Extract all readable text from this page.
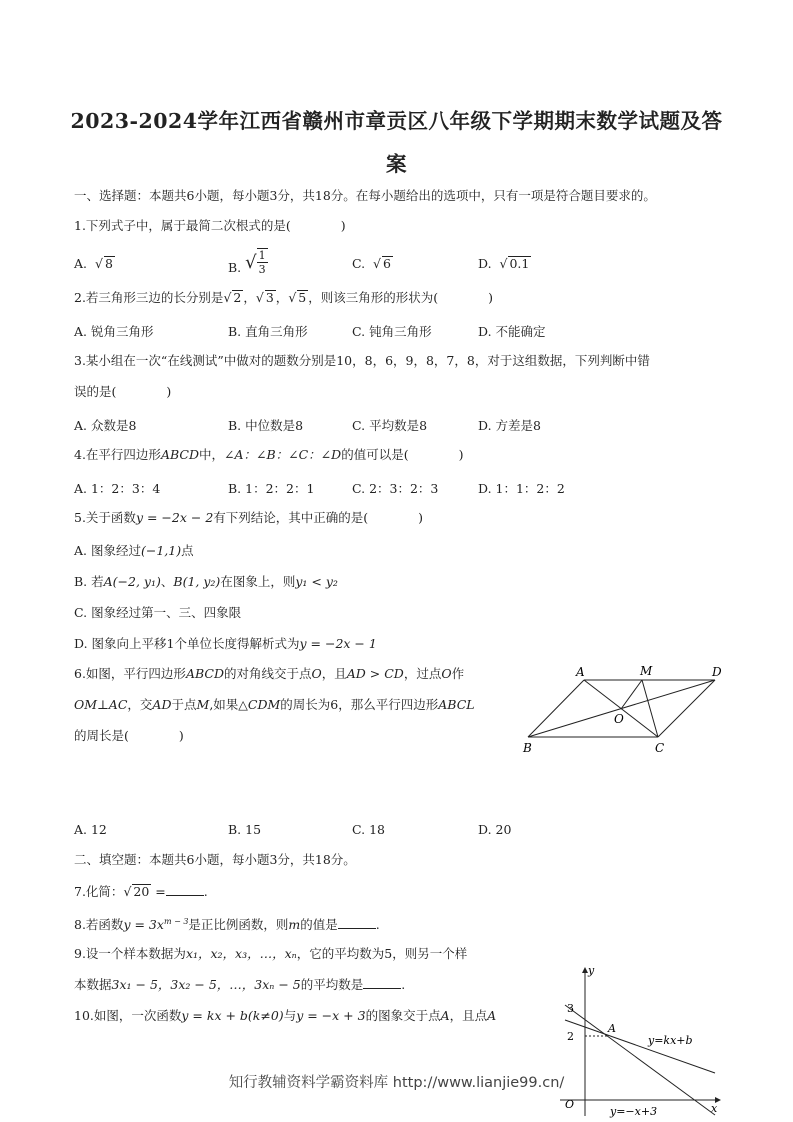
2023-2024学年江西省赣州市章贡区八年级下学期期末数学试题及答
案
一、选择题：本题共6小题，每小题3分，共18分。在每小题给出的选项中，只有一项是符合题目要求的。
1.下列式子中，属于最简二次根式的是(　　　　)
A.  √ 8	B. √ $\frac{1}{3}$	C.  √ 6	D.  √ 0.1
2.若三角形三边的长分别是√ 2 ，√ 3 ，√ 5 ，则该三角形的形状为(　　　　)
A. 锐角三角形	B. 直角三角形	C. 钝角三角形	D. 不能确定
3.某小组在一次“在线测试”中做对的题数分别是10，8，6，9，8，7，8，对于这组数据，下列判断中错
误的是(　　　　)
A. 众数是8	B. 中位数是8	C. 平均数是8	D. 方差是8
4.在平行四边形ABCD中，∠A：∠B：∠C：∠D的值可以是(　　　　)
A. 1：2：3：4	B. 1：2：2：1	C. 2：3：2：3	D. 1：1：2：2
5.关于函数y = −2x − 2有下列结论，其中正确的是(　　　　)
A. 图象经过(−1,1)点
B. 若A(−2, y₁)、B(1, y₂)在图象上，则y₁ < y₂
C. 图象经过第一、三、四象限
D. 图象向上平移1个单位长度得解析式为y = −2x − 1
6.如图，平行四边形ABCD的对角线交于点O，且AD > CD，过点O作
OM⊥AC，交AD于点M,如果△CDM的周长为6，那么平行四边形ABCL
的周长是(　　　　)
A	M	D
O
B	C
A. 12	B. 15	C. 18	D. 20
二、填空题：本题共6小题，每小题3分，共18分。
7.化简：√ 20 =	.
8.若函数$y = 3x^{m - 3}$是正比例函数，则m的值是	.
9.设一个样本数据为x₁，x₂，x₃，…，xₙ，它的平均数为5，则另一个样
本数据3x₁ − 5，3x₂ − 5，…，3xₙ − 5的平均数是	.
10.如图，一次函数y = kx + b(k≠0)与y = −x + 3的图象交于点A，且点A
y
x
O
3
2
A
y=kx+b
y=−x+3
知行教辅资料学霸资料库 http://www.lianjie99.cn/
